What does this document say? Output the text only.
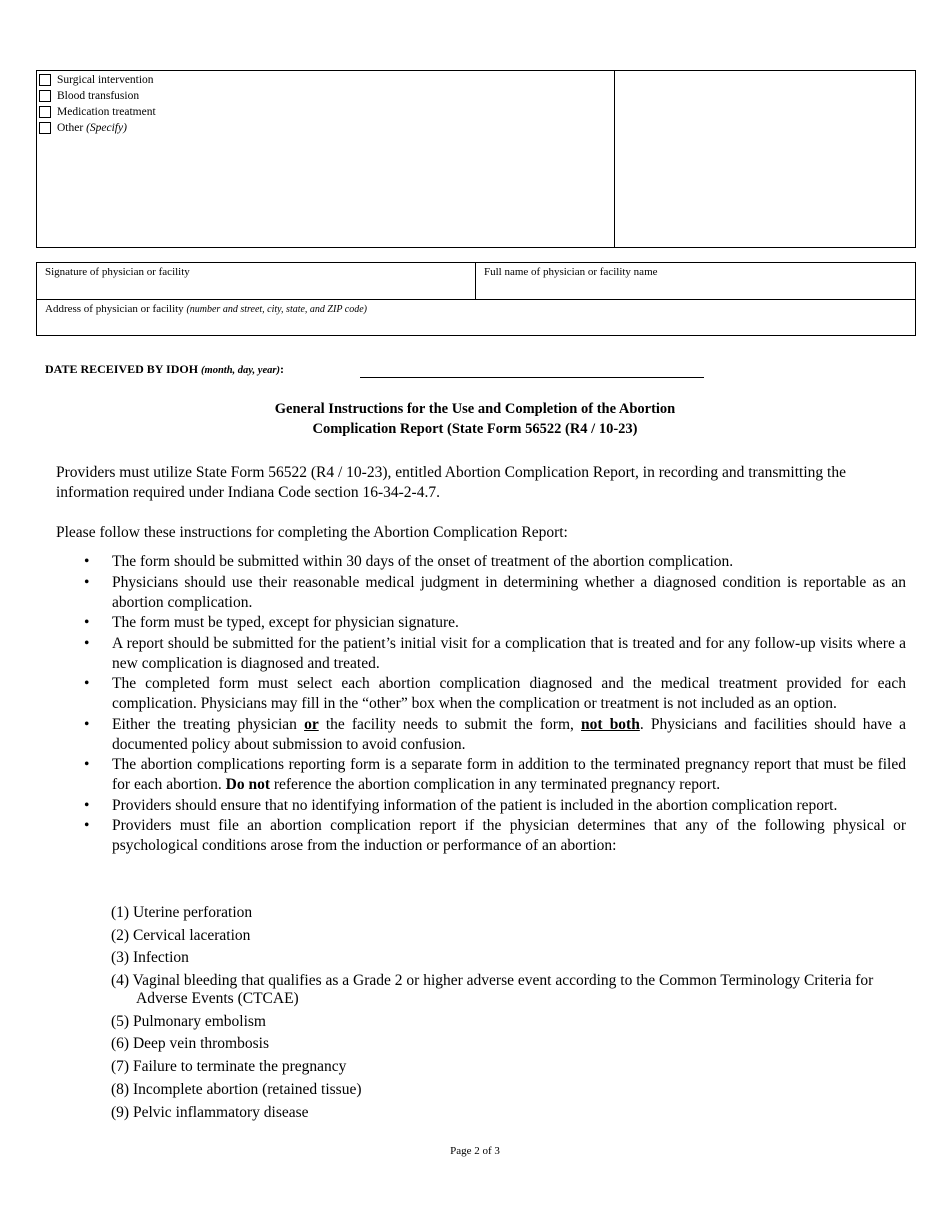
Surgical intervention
Blood transfusion
Medication treatment
Other
(Specify)
Signature of physician or facility	Full name of physician or facility name
Address of physician or facility (number and street, city, state, and ZIP code)
DATE RECEIVED BY IDOH (month, day, year):
General Instructions for the Use and Completion of the Abortion
Complication Report (State Form 56522 (R4 / 10-23)
Providers must utilize State Form 56522 (R4 / 10-23), entitled Abortion Complication Report, in recording and transmitting the information required under Indiana Code section 16-34-2-4.7.
Please follow these instructions for completing the Abortion Complication Report:
• The form should be submitted within 30 days of the onset of treatment of the abortion complication.
• Physicians should use their reasonable medical judgment in determining whether a diagnosed condition is reportable as an abortion complication.
• The form must be typed, except for physician signature.
• A report should be submitted for the patient’s initial visit for a complication that is treated and for any follow-up visits where a new complication is diagnosed and treated.
• The completed form must select each abortion complication diagnosed and the medical treatment provided for each complication. Physicians may fill in the “other” box when the complication or treatment is not included as an option.
• Either the treating physician or the facility needs to submit the form, not both. Physicians and facilities should have a documented policy about submission to avoid confusion.
• The abortion complications reporting form is a separate form in addition to the terminated pregnancy report that must be filed for each abortion. Do not reference the abortion complication in any terminated pregnancy report.
• Providers should ensure that no identifying information of the patient is included in the abortion complication report.
• Providers must file an abortion complication report if the physician determines that any of the following physical or psychological conditions arose from the induction or performance of an abortion:
(1) Uterine perforation
(2) Cervical laceration
(3) Infection
(4) Vaginal bleeding that qualifies as a Grade 2 or higher adverse event according to the Common Terminology Criteria for Adverse Events (CTCAE)
(5) Pulmonary embolism
(6) Deep vein thrombosis
(7) Failure to terminate the pregnancy
(8) Incomplete abortion (retained tissue)
(9) Pelvic inflammatory disease
Page 2 of 3
